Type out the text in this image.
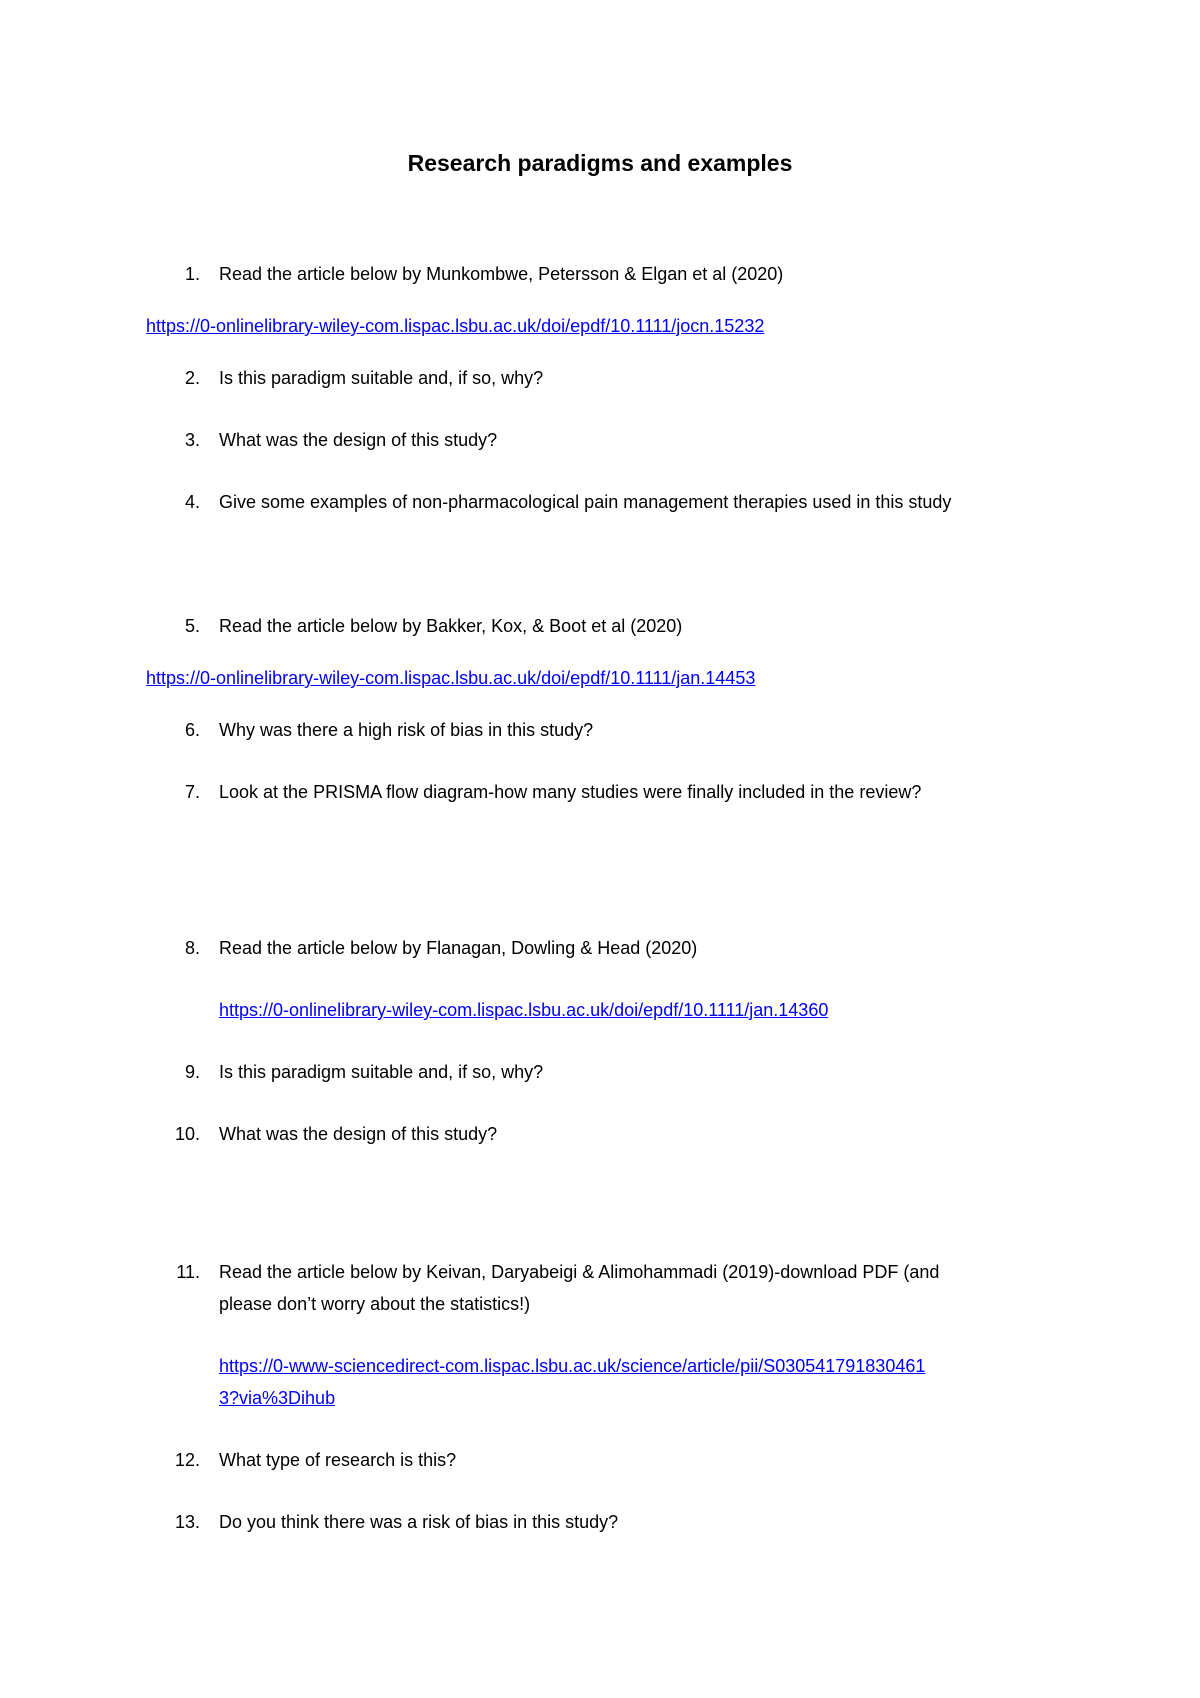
Research paradigms and examples
1. Read the article below by Munkombwe, Petersson & Elgan et al (2020)
https://0-onlinelibrary-wiley-com.lispac.lsbu.ac.uk/doi/epdf/10.1111/jocn.15232
2. Is this paradigm suitable and, if so, why?
3. What was the design of this study?
4. Give some examples of non-pharmacological pain management therapies used in this study
5. Read the article below by Bakker, Kox, & Boot et al (2020)
https://0-onlinelibrary-wiley-com.lispac.lsbu.ac.uk/doi/epdf/10.1111/jan.14453
6. Why was there a high risk of bias in this study?
7. Look at the PRISMA flow diagram-how many studies were finally included in the review?
8. Read the article below by Flanagan, Dowling & Head (2020)
https://0-onlinelibrary-wiley-com.lispac.lsbu.ac.uk/doi/epdf/10.1111/jan.14360
9. Is this paradigm suitable and, if so, why?
10. What was the design of this study?
11. Read the article below by Keivan, Daryabeigi & Alimohammadi (2019)-download PDF (and
please don’t worry about the statistics!)
https://0-www-sciencedirect-com.lispac.lsbu.ac.uk/science/article/pii/S030541791830461
3?via%3Dihub
12. What type of research is this?
13. Do you think there was a risk of bias in this study?
